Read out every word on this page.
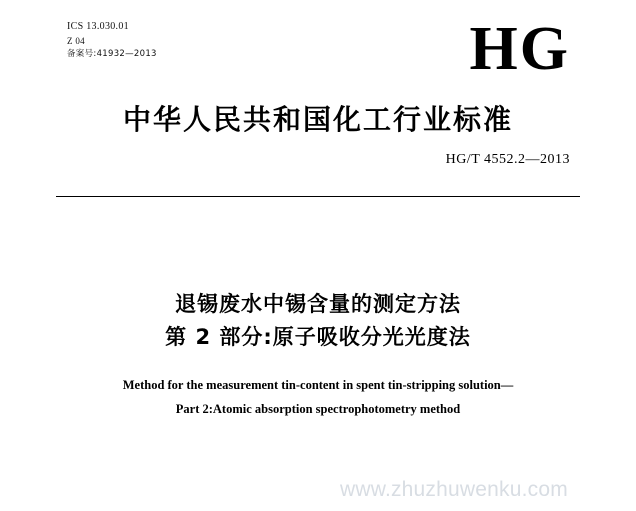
ICS 13.030.01
Z 04
备案号:41932—2013	HG
中华人民共和国化工行业标准
HG/T 4552.2—2013
退锡废水中锡含量的测定方法
第 2 部分:原子吸收分光光度法
Method for the measurement tin-content in spent tin-stripping solution—
Part 2:Atomic absorption spectrophotometry method
www.zhuzhuwenku.com
